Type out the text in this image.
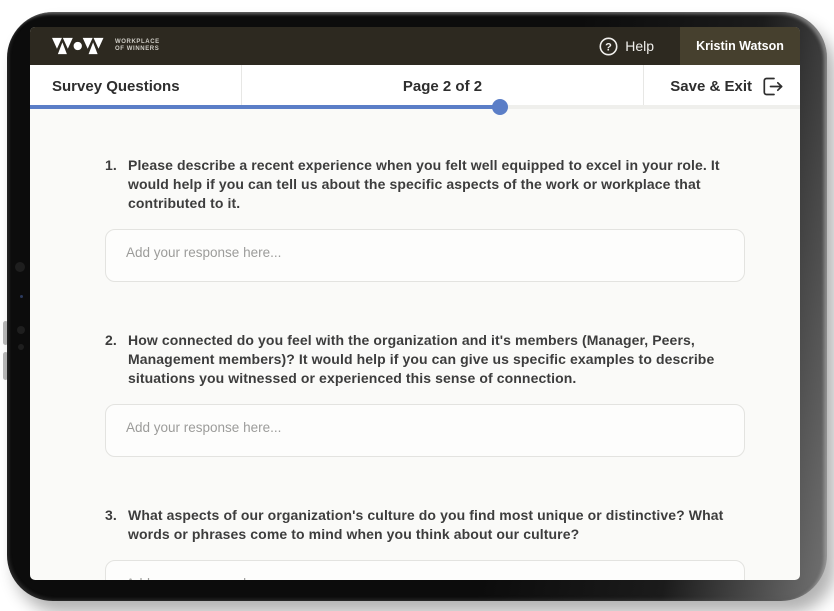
WORKPLACE
OF WINNERS	? Help	Kristin Watson
Survey Questions	Page 2 of 2	Save & Exit
1. Please describe a recent experience when you felt well equipped to excel in your role. It would help if you can tell us about the specific aspects of the work or workplace that contributed to it.
Add your response here...
2. How connected do you feel with the organization and it's members (Manager, Peers, Management members)? It would help if you can give us specific examples to describe situations you witnessed or experienced this sense of connection.
Add your response here...
3. What aspects of our organization's culture do you find most unique or distinctive? What words or phrases come to mind when you think about our culture?
Add your response here...
